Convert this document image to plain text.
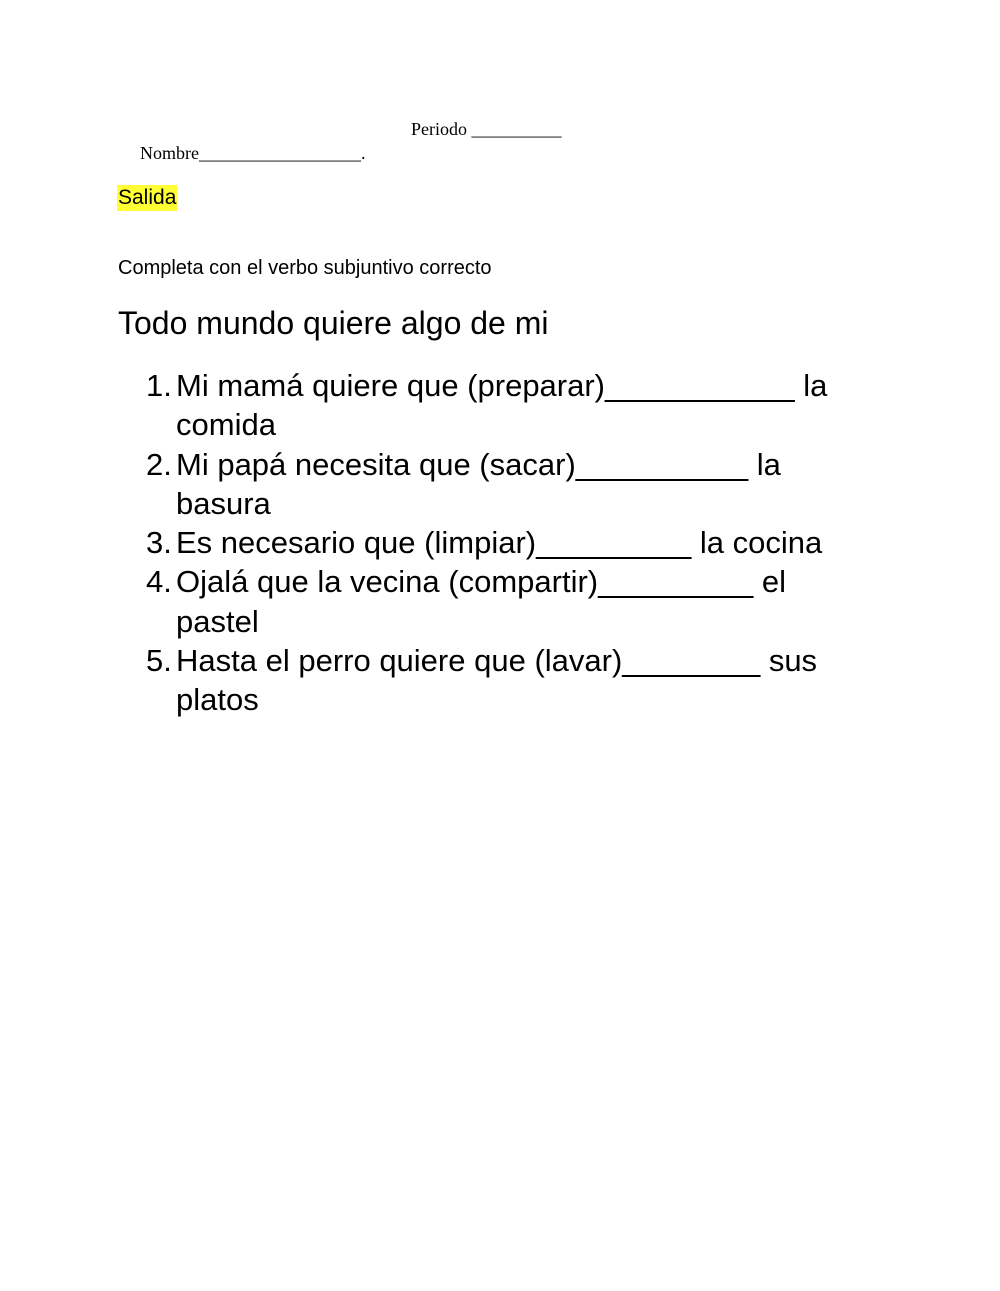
Nombre__________________.

Periodo __________

Salida
Completa con el verbo subjuntivo correcto
Todo mundo quiere algo de mi
1. Mi mamá quiere que (preparar)___________ la comida
2. Mi papá necesita que (sacar)__________ la basura
3. Es necesario que (limpiar)_________ la cocina
4. Ojalá que la vecina (compartir)_________ el pastel
5. Hasta el perro quiere que (lavar)________ sus platos
